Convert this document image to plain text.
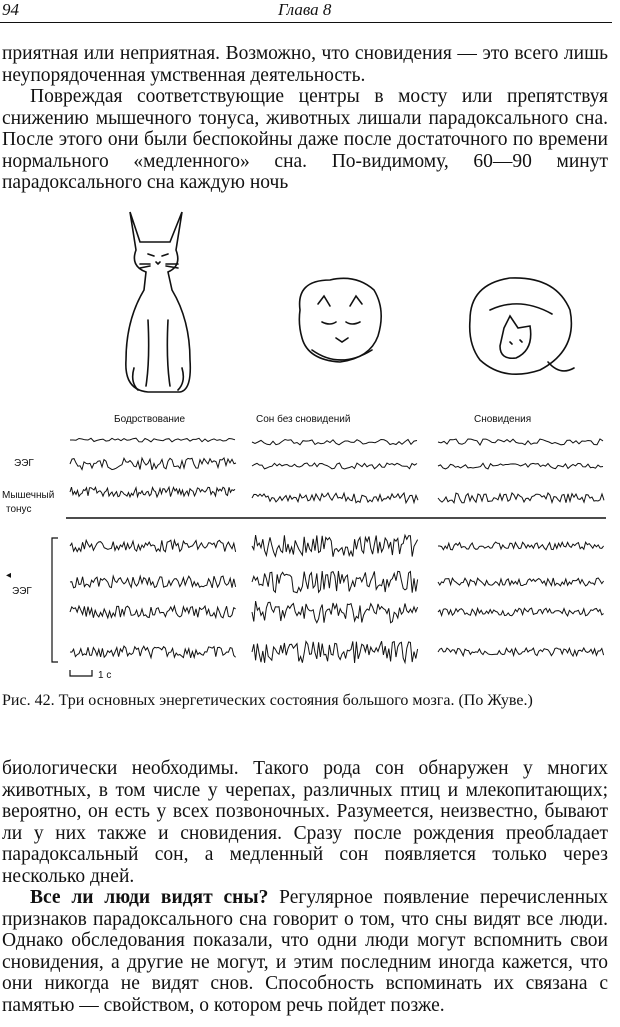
94	Глава 8

приятная или неприятная. Возможно, что сновидения — это всего лишь неупорядоченная умственная деятельность.

Повреждая соответствующие центры в мосту или препятствуя снижению мышечного тонуса, животных лишали парадоксального сна. После этого они были беспокойны даже после достаточного по времени нормального «медленного» сна. По-видимому, 60—90 минут парадоксального сна каждую ночь

Бодрствование	Сон без сновидений	Сновидения
ЭЭГ
Мышечный
тонус
◂
ЭЭГ
1 с
Рис. 42. Три основных энергетических состояния большого мозга. (По Жуве.)

биологически необходимы. Такого рода сон обнаружен у многих животных, в том числе у черепах, различных птиц и млекопитающих; вероятно, он есть у всех позвоночных. Разумеется, неизвестно, бывают ли у них также и сновидения. Сразу после рождения преобладает парадоксальный сон, а медленный сон появляется только через несколько дней.

Все ли люди видят сны? Регулярное появление перечисленных признаков парадоксального сна говорит о том, что сны видят все люди. Однако обследования показали, что одни люди могут вспомнить свои сновидения, а другие не могут, и этим последним иногда кажется, что они никогда не видят снов. Способность вспоминать их связана с памятью — свойством, о котором речь пойдет позже.
